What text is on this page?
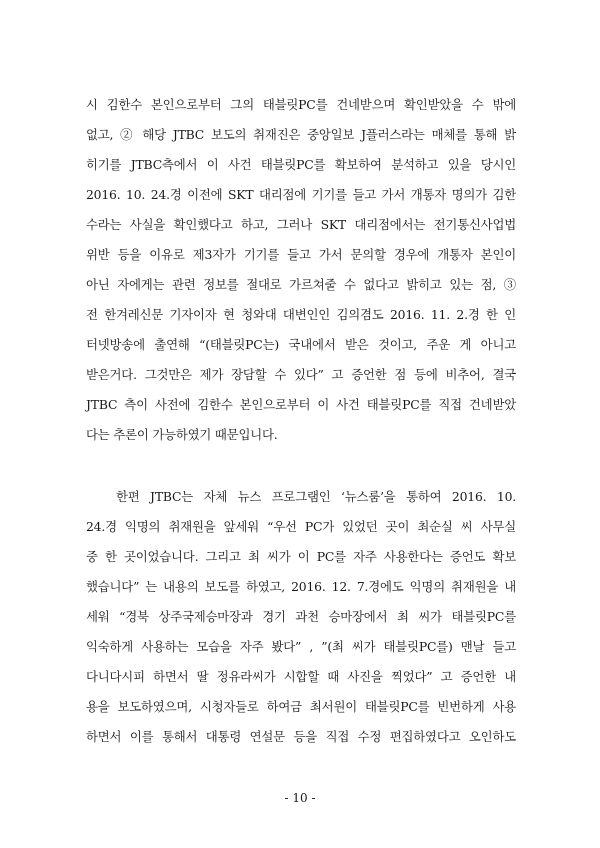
시 김한수 본인으로부터 그의 태블릿PC를 건네받으며 확인받았을 수 밖에
없고, ② 해당 JTBC 보도의 취재진은 중앙일보 J플러스라는 매체를 통해 밝
히기를 JTBC측에서 이 사건 태블릿PC를 확보하여 분석하고 있을 당시인
2016. 10. 24.경 이전에 SKT 대리점에 기기를 들고 가서 개통자 명의가 김한
수라는 사실을 확인했다고 하고, 그러나 SKT 대리점에서는 전기통신사업법
위반 등을 이유로 제3자가 기기를 들고 가서 문의할 경우에 개통자 본인이
아닌 자에게는 관련 정보를 절대로 가르쳐줄 수 없다고 밝히고 있는 점, ③
전 한겨레신문 기자이자 현 청와대 대변인인 김의겸도 2016. 11. 2.경 한 인
터넷방송에 출연해 “(태블릿PC는) 국내에서 받은 것이고, 주운 게 아니고
받은거다. 그것만은 제가 장담할 수 있다” 고 증언한 점 등에 비추어, 결국
JTBC 측이 사전에 김한수 본인으로부터 이 사건 태블릿PC를 직접 건네받았
다는 추론이 가능하였기 때문입니다.
한편 JTBC는 자체 뉴스 프로그램인 ‘뉴스룸’을 통하여 2016. 10.
24.경 익명의 취재원을 앞세워 “우선 PC가 있었던 곳이 최순실 씨 사무실
중 한 곳이었습니다. 그리고 최 씨가 이 PC를 자주 사용한다는 증언도 확보
했습니다” 는 내용의 보도를 하였고, 2016. 12. 7.경에도 익명의 취재원을 내
세워 “경북 상주국제승마장과 경기 과천 승마장에서 최 씨가 태블릿PC를
익숙하게 사용하는 모습을 자주 봤다” , ”(최 씨가 태블릿PC를) 맨날 들고
다니다시피 하면서 딸 정유라씨가 시합할 때 사진을 찍었다” 고 증언한 내
용을 보도하였으며, 시청자들로 하여금 최서원이 태블릿PC를 빈번하게 사용
하면서 이를 통해서 대통령 연설문 등을 직접 수정 편집하였다고 오인하도
- 10 -
